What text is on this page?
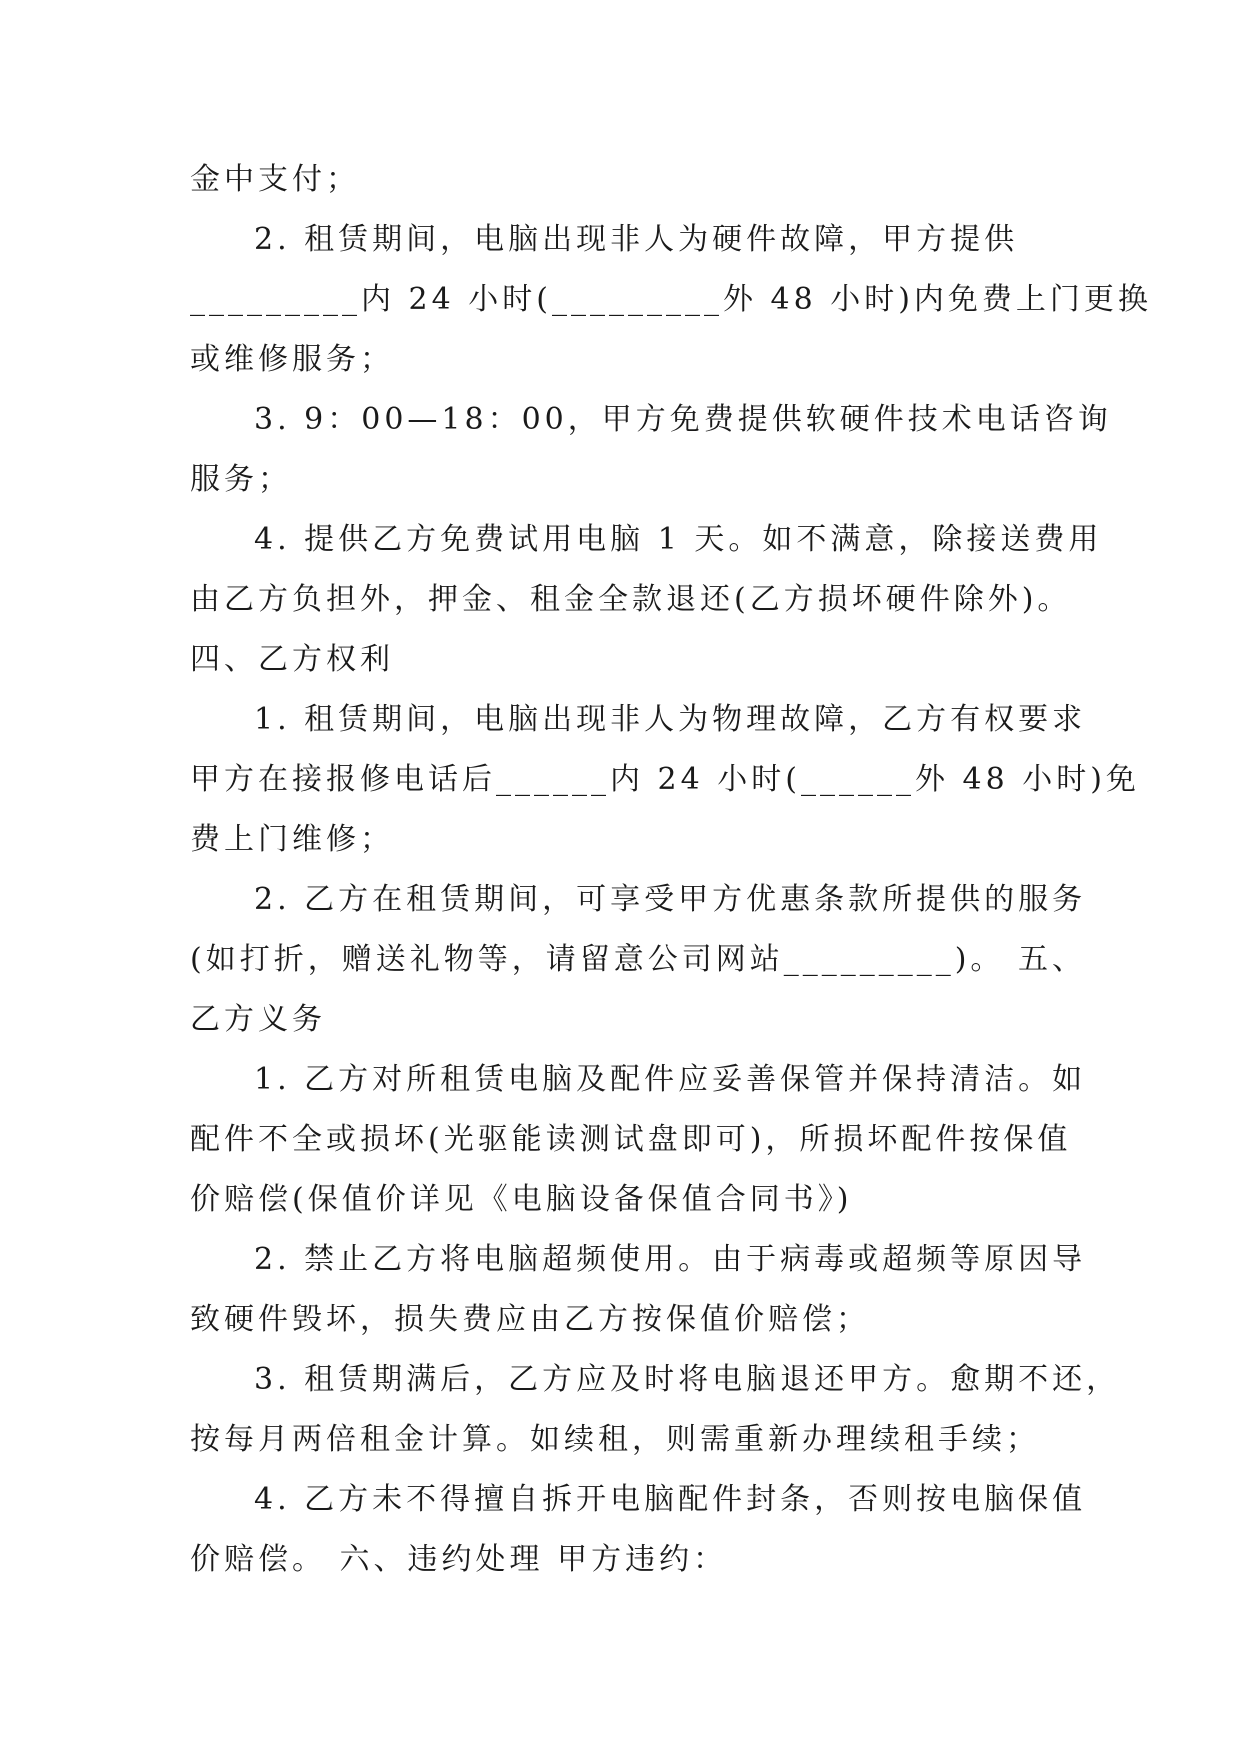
金中支付；
2. 租赁期间，电脑出现非人为硬件故障，甲方提供
_________内 24 小时(_________外 48 小时)内免费上门更换
或维修服务；
3. 9：00—18：00，甲方免费提供软硬件技术电话咨询
服务；
4. 提供乙方免费试用电脑 1 天。如不满意，除接送费用
由乙方负担外，押金、租金全款退还(乙方损坏硬件除外)。
四、乙方权利
1. 租赁期间，电脑出现非人为物理故障，乙方有权要求
甲方在接报修电话后______内 24 小时(______外 48 小时)免
费上门维修；
2. 乙方在租赁期间，可享受甲方优惠条款所提供的服务
(如打折，赠送礼物等，请留意公司网站_________)。 五、
乙方义务
1. 乙方对所租赁电脑及配件应妥善保管并保持清洁。如
配件不全或损坏(光驱能读测试盘即可)，所损坏配件按保值
价赔偿(保值价详见《电脑设备保值合同书》)
2. 禁止乙方将电脑超频使用。由于病毒或超频等原因导
致硬件毁坏，损失费应由乙方按保值价赔偿；
3. 租赁期满后，乙方应及时将电脑退还甲方。愈期不还，
按每月两倍租金计算。如续租，则需重新办理续租手续；
4. 乙方未不得擅自拆开电脑配件封条，否则按电脑保值
价赔偿。 六、违约处理 甲方违约：
